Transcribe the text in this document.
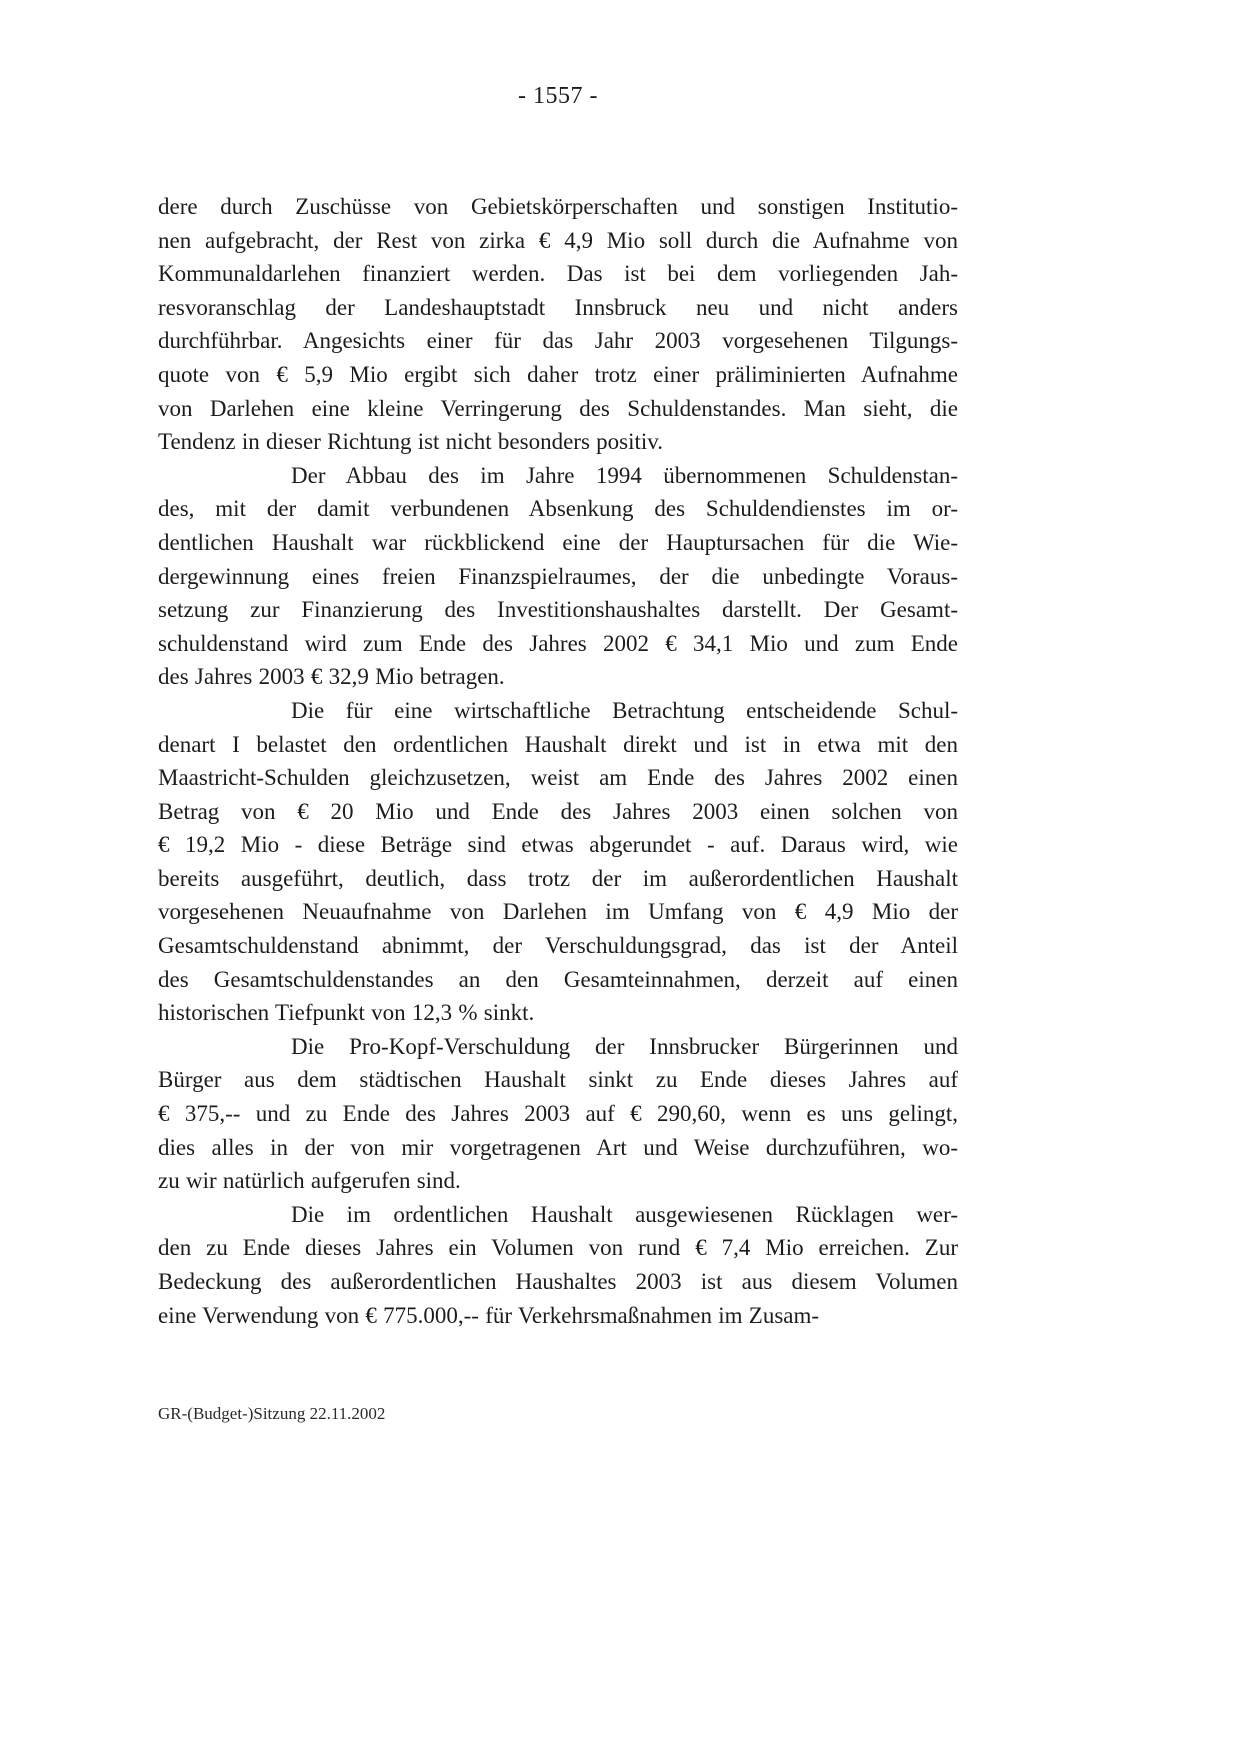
- 1557 -
dere durch Zuschüsse von Gebietskörperschaften und sonstigen Institutio-
nen aufgebracht, der Rest von zirka € 4,9 Mio soll durch die Aufnahme von
Kommunaldarlehen finanziert werden. Das ist bei dem vorliegenden Jah-
resvoranschlag der Landeshauptstadt Innsbruck neu und nicht anders
durchführbar. Angesichts einer für das Jahr 2003 vorgesehenen Tilgungs-
quote von € 5,9 Mio ergibt sich daher trotz einer präliminierten Aufnahme
von Darlehen eine kleine Verringerung des Schuldenstandes. Man sieht, die
Tendenz in dieser Richtung ist nicht besonders positiv.
Der Abbau des im Jahre 1994 übernommenen Schuldenstan-
des, mit der damit verbundenen Absenkung des Schuldendienstes im or-
dentlichen Haushalt war rückblickend eine der Hauptursachen für die Wie-
dergewinnung eines freien Finanzspielraumes, der die unbedingte Voraus-
setzung zur Finanzierung des Investitionshaushaltes darstellt. Der Gesamt-
schuldenstand wird zum Ende des Jahres 2002 € 34,1 Mio und zum Ende
des Jahres 2003 € 32,9 Mio betragen.
Die für eine wirtschaftliche Betrachtung entscheidende Schul-
denart I belastet den ordentlichen Haushalt direkt und ist in etwa mit den
Maastricht-Schulden gleichzusetzen, weist am Ende des Jahres 2002 einen
Betrag von € 20 Mio und Ende des Jahres 2003 einen solchen von
€ 19,2 Mio - diese Beträge sind etwas abgerundet - auf. Daraus wird, wie
bereits ausgeführt, deutlich, dass trotz der im außerordentlichen Haushalt
vorgesehenen Neuaufnahme von Darlehen im Umfang von € 4,9 Mio der
Gesamtschuldenstand abnimmt, der Verschuldungsgrad, das ist der Anteil
des Gesamtschuldenstandes an den Gesamteinnahmen, derzeit auf einen
historischen Tiefpunkt von 12,3 % sinkt.
Die Pro-Kopf-Verschuldung der Innsbrucker Bürgerinnen und
Bürger aus dem städtischen Haushalt sinkt zu Ende dieses Jahres auf
€ 375,-- und zu Ende des Jahres 2003 auf € 290,60, wenn es uns gelingt,
dies alles in der von mir vorgetragenen Art und Weise durchzuführen, wo-
zu wir natürlich aufgerufen sind.
Die im ordentlichen Haushalt ausgewiesenen Rücklagen wer-
den zu Ende dieses Jahres ein Volumen von rund € 7,4 Mio erreichen. Zur
Bedeckung des außerordentlichen Haushaltes 2003 ist aus diesem Volumen
eine Verwendung von € 775.000,-- für Verkehrsmaßnahmen im Zusam-
GR-(Budget-)Sitzung 22.11.2002
